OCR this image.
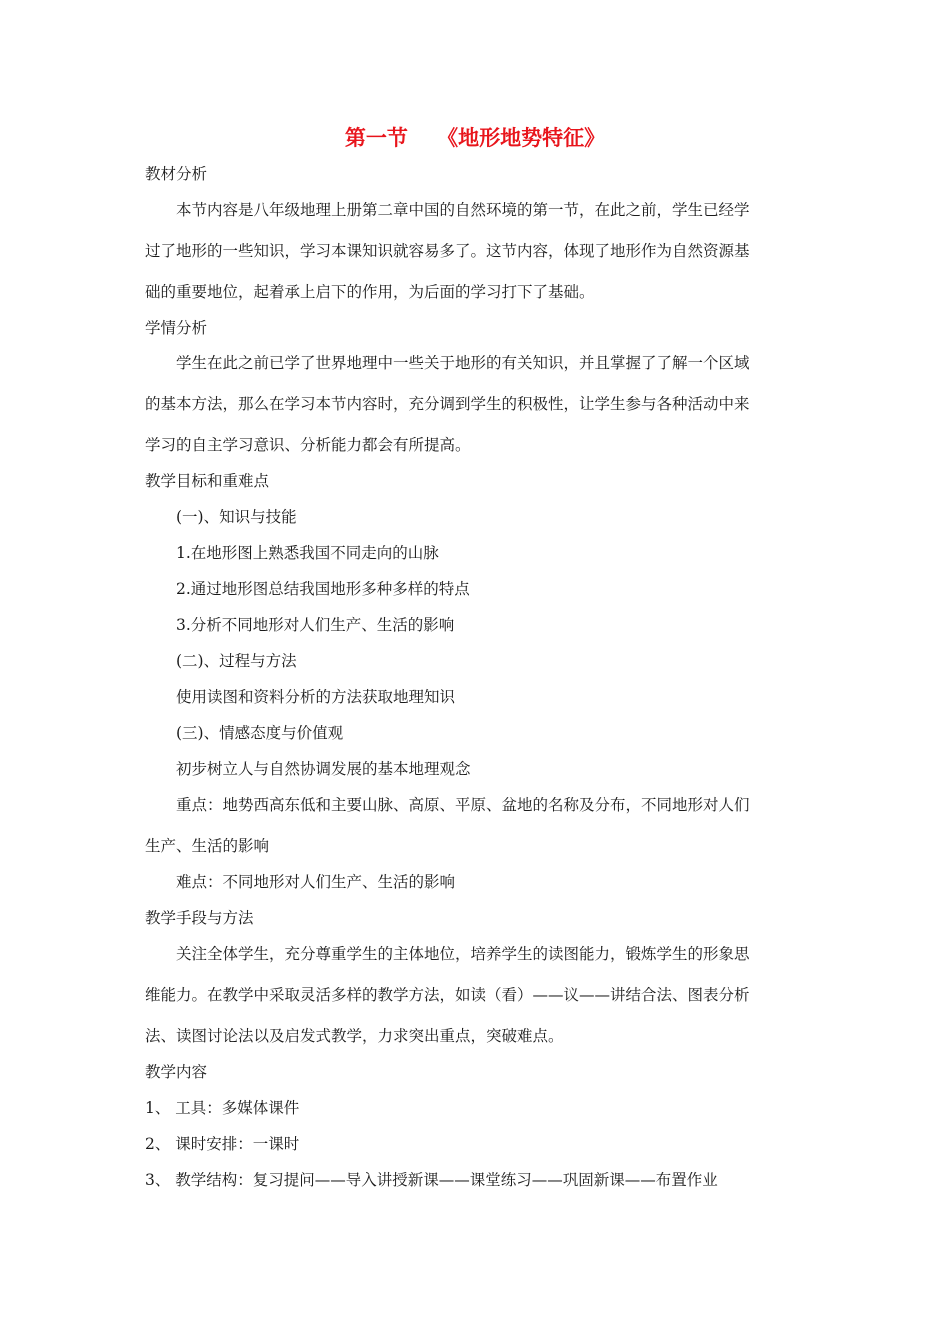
第一节    《地形地势特征》
教材分析
本节内容是八年级地理上册第二章中国的自然环境的第一节，在此之前，学生已经学
过了地形的一些知识，学习本课知识就容易多了。这节内容，体现了地形作为自然资源基
础的重要地位，起着承上启下的作用，为后面的学习打下了基础。
学情分析
学生在此之前已学了世界地理中一些关于地形的有关知识，并且掌握了了解一个区域
的基本方法，那么在学习本节内容时，充分调到学生的积极性，让学生参与各种活动中来
学习的自主学习意识、分析能力都会有所提高。
教学目标和重难点
(一)、知识与技能
1.在地形图上熟悉我国不同走向的山脉
2.通过地形图总结我国地形多种多样的特点
3.分析不同地形对人们生产、生活的影响
(二)、过程与方法
使用读图和资料分析的方法获取地理知识
(三)、情感态度与价值观
初步树立人与自然协调发展的基本地理观念
重点：地势西高东低和主要山脉、高原、平原、盆地的名称及分布，不同地形对人们
生产、生活的影响
难点：不同地形对人们生产、生活的影响
教学手段与方法
关注全体学生，充分尊重学生的主体地位，培养学生的读图能力，锻炼学生的形象思
维能力。在教学中采取灵活多样的教学方法，如读（看）——议——讲结合法、图表分析
法、读图讨论法以及启发式教学，力求突出重点，突破难点。
教学内容
1、 工具：多媒体课件
2、 课时安排：一课时
3、 教学结构：复习提问——导入讲授新课——课堂练习——巩固新课——布置作业
